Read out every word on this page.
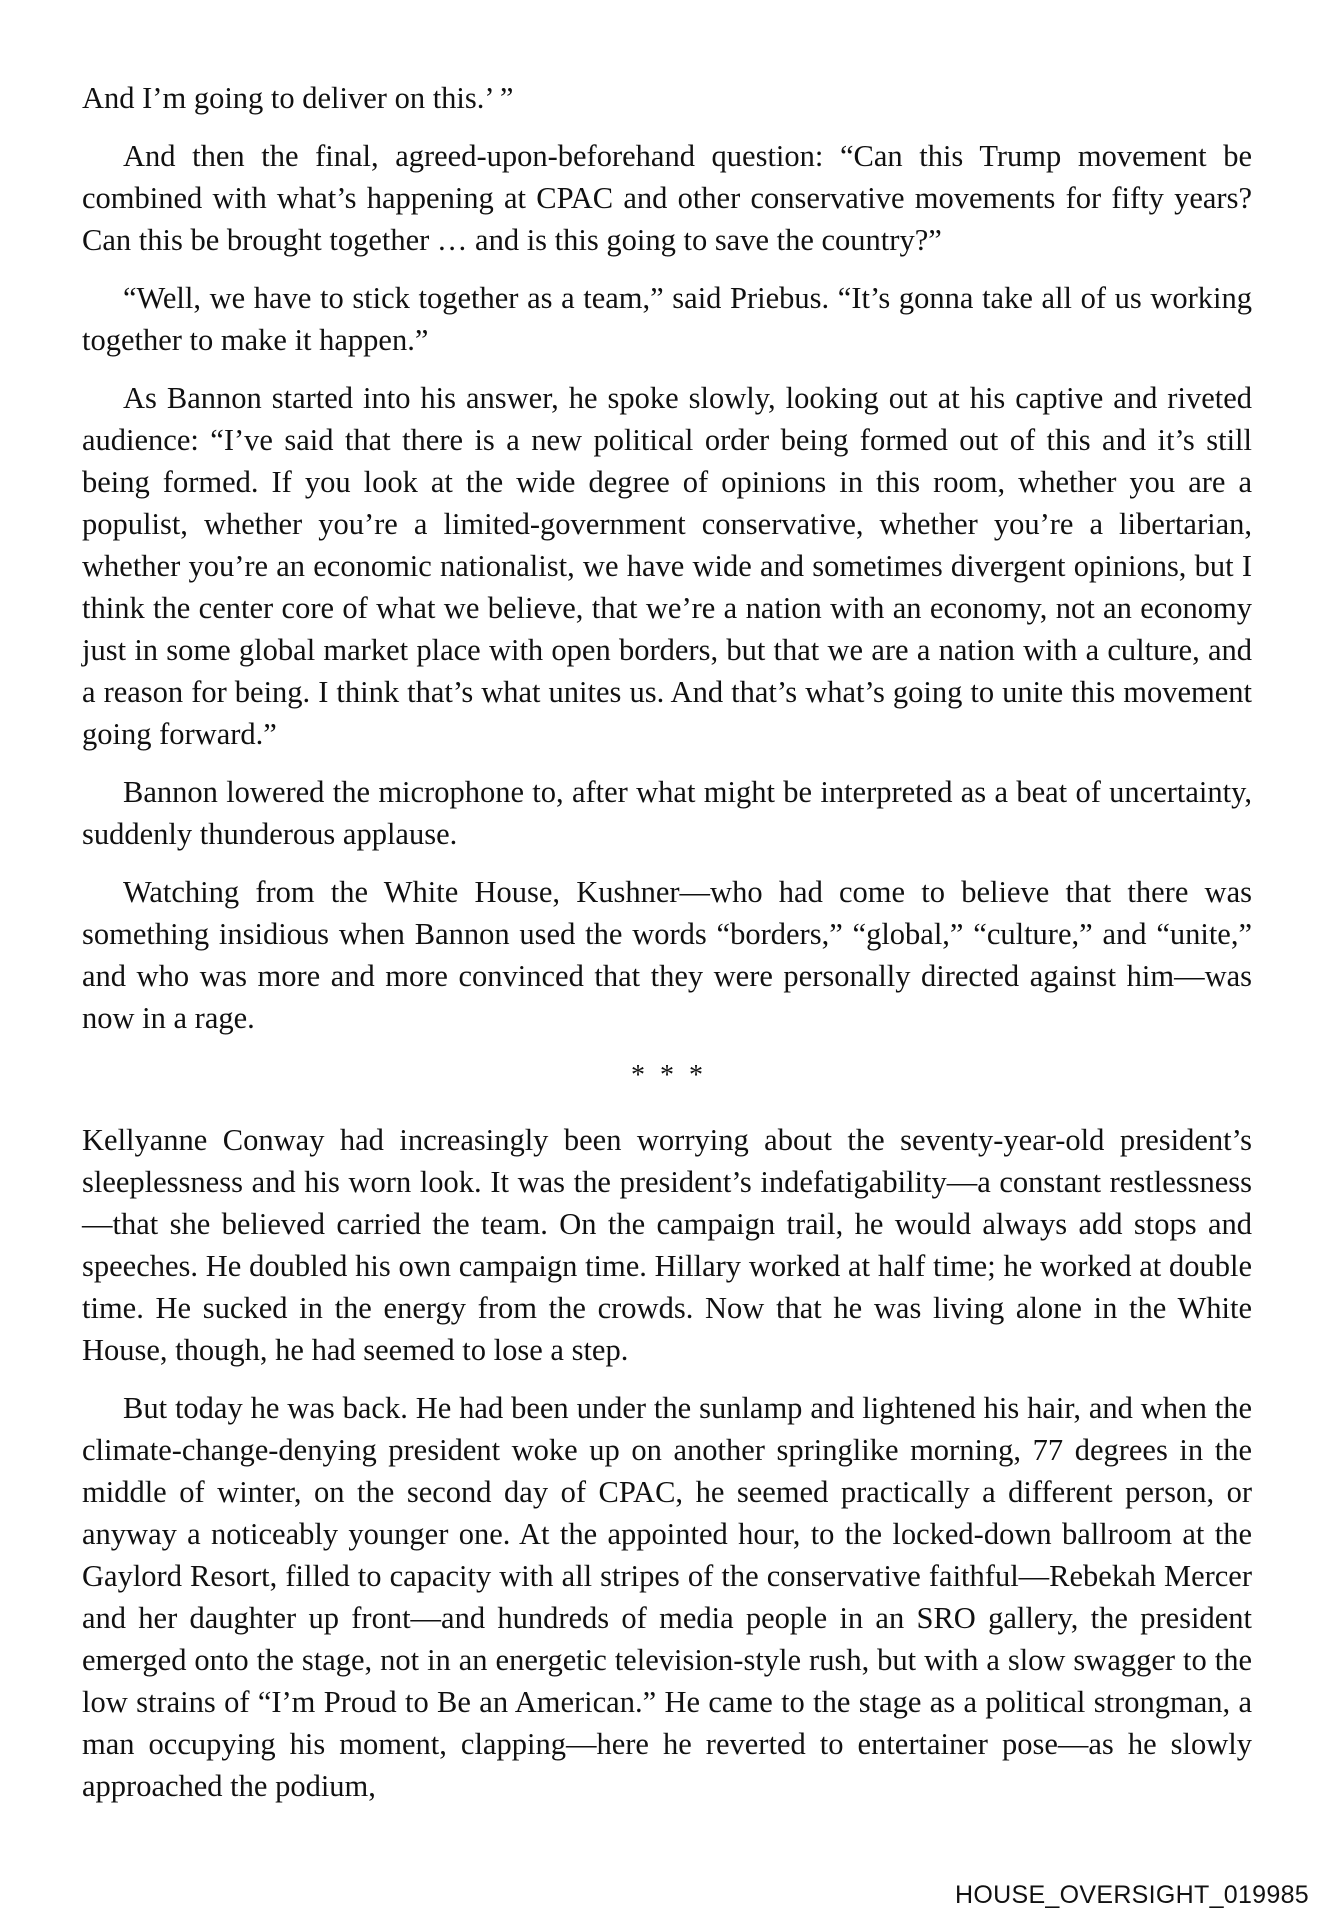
And I’m going to deliver on this.’ ”

And then the final, agreed-upon-beforehand question: “Can this Trump movement be combined with what’s happening at CPAC and other conservative movements for fifty years? Can this be brought together … and is this going to save the country?”

“Well, we have to stick together as a team,” said Priebus. “It’s gonna take all of us working together to make it happen.”

As Bannon started into his answer, he spoke slowly, looking out at his captive and riveted audience: “I’ve said that there is a new political order being formed out of this and it’s still being formed. If you look at the wide degree of opinions in this room, whether you are a populist, whether you’re a limited-government conservative, whether you’re a libertarian, whether you’re an economic nationalist, we have wide and sometimes divergent opinions, but I think the center core of what we believe, that we’re a nation with an economy, not an economy just in some global market place with open borders, but that we are a nation with a culture, and a reason for being. I think that’s what unites us. And that’s what’s going to unite this movement going forward.”

Bannon lowered the microphone to, after what might be interpreted as a beat of uncertainty, suddenly thunderous applause.

Watching from the White House, Kushner—who had come to believe that there was something insidious when Bannon used the words “borders,” “global,” “culture,” and “unite,” and who was more and more convinced that they were personally directed against him—was now in a rage.

* * *

Kellyanne Conway had increasingly been worrying about the seventy-year-old president’s sleeplessness and his worn look. It was the president’s indefatigability—a constant restlessness—that she believed carried the team. On the campaign trail, he would always add stops and speeches. He doubled his own campaign time. Hillary worked at half time; he worked at double time. He sucked in the energy from the crowds. Now that he was living alone in the White House, though, he had seemed to lose a step.

But today he was back. He had been under the sunlamp and lightened his hair, and when the climate-change-denying president woke up on another springlike morning, 77 degrees in the middle of winter, on the second day of CPAC, he seemed practically a different person, or anyway a noticeably younger one. At the appointed hour, to the locked-down ballroom at the Gaylord Resort, filled to capacity with all stripes of the conservative faithful—Rebekah Mercer and her daughter up front—and hundreds of media people in an SRO gallery, the president emerged onto the stage, not in an energetic television-style rush, but with a slow swagger to the low strains of “I’m Proud to Be an American.” He came to the stage as a political strongman, a man occupying his moment, clapping—here he reverted to entertainer pose—as he slowly approached the podium,

HOUSE_OVERSIGHT_019985
